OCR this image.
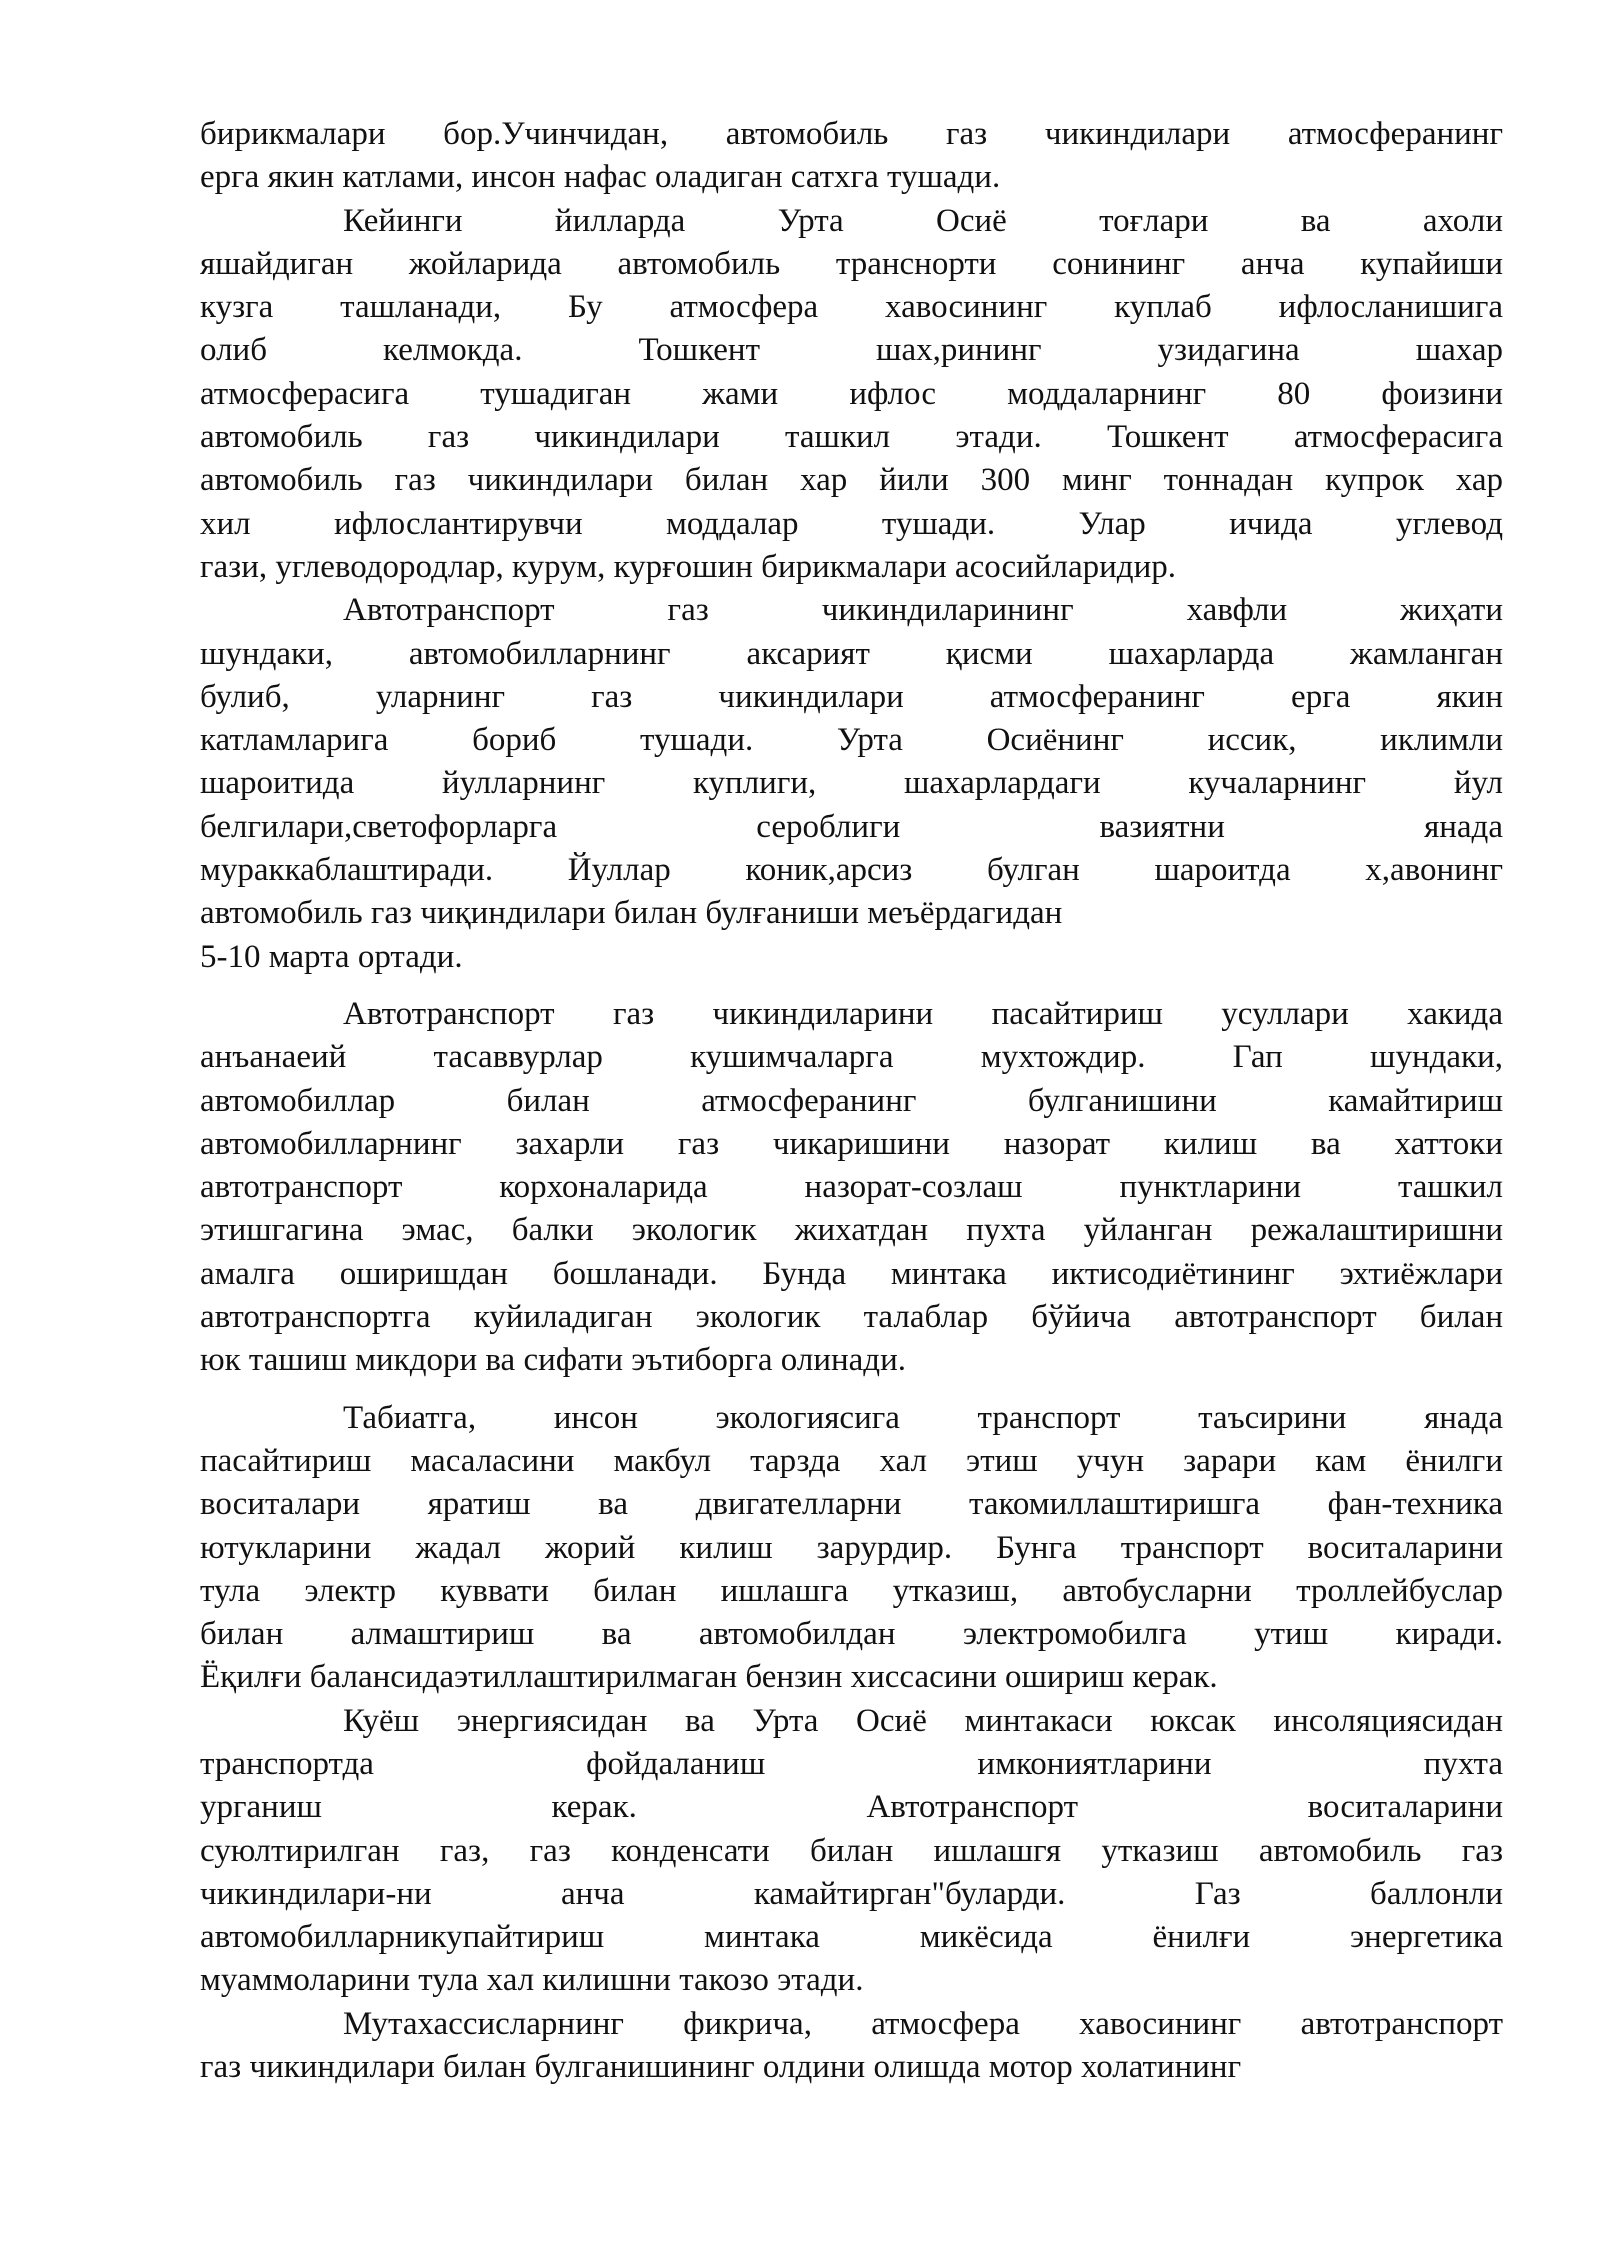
бирикмалари бор.Учинчидан, автомобиль газ чикиндилари атмосферанинг
ерга якин катлами, инсон нафас оладиган сатхга тушади.
Кейинги йилларда Урта Осиё тоғлари ва ахоли
яшайдиган жойларида автомобиль транснорти сонининг анча купайиши
кузга ташланади, Бу атмосфера хавосининг куплаб ифлосланишига
олиб келмокда. Тошкент шах,рининг узидагина шахар
атмосферасига тушадиган жами ифлос моддаларнинг 80 фоизини
автомобиль газ чикиндилари ташкил этади. Тошкент атмосферасига
автомобиль газ чикиндилари билан хар йили 300 минг тоннадан купрок хар
хил ифлослантирувчи моддалар тушади. Улар ичида углевод
гази, углеводородлар, курум, курғошин бирикмалари асосийларидир.
Автотранспорт газ чикиндиларининг хавфли жиҳати
шундаки, автомобилларнинг аксарият қисми шахарларда жамланган
булиб, уларнинг газ чикиндилари атмосферанинг ерга якин
катламларига бориб тушади. Урта Осиёнинг иссик, иклимли
шароитида йулларнинг куплиги, шахарлардаги кучаларнинг йул
белгилари,светофорларга сероблиги вазиятни янада
мураккаблаштиради. Йуллар коник,арсиз булган шароитда х,авонинг
автомобиль газ чиқиндилари билан булғаниши меъёрдагидан
5-10 марта ортади.
Автотранспорт газ чикиндиларини пасайтириш усуллари хакида
анъанаеий тасаввурлар кушимчаларга мухтождир. Гап шундаки,
автомобиллар билан атмосферанинг булганишини камайтириш
автомобилларнинг захарли газ чикаришини назорат килиш ва хаттоки
автотранспорт корхоналарида назорат-созлаш пунктларини ташкил
этишгагина эмас, балки экологик жихатдан пухта уйланган режалаштиришни
амалга оширишдан бошланади. Бунда минтака иктисодиётининг эхтиёжлари
автотранспортга куйиладиган экологик талаблар бўйича автотранспорт билан
юк ташиш микдори ва сифати эътиборга олинади.
Табиатга, инсон экологиясига транспорт таъсирини янада
пасайтириш масаласини макбул тарзда хал этиш учун зарари кам ёнилги
воситалари яратиш ва двигателларни такомиллаштиришга фан-техника
ютукларини жадал жорий килиш зарурдир. Бунга транспорт воситаларини
тула электр куввати билан ишлашга утказиш, автобусларни троллейбуслар
билан алмаштириш ва автомобилдан электромобилга утиш киради.
Ёқилғи балансидаэтиллаштирилмаган бензин хиссасини ошириш керак.
Куёш энергиясидан ва Урта Осиё минтакаси юксак инсоляциясидан
транспортда фойдаланиш имкониятларини пухта
урганиш керак. Автотранспорт воситаларини
суюлтирилган газ, газ конденсати билан ишлашгя утказиш автомобиль газ
чикиндилари-ни анча камайтирган"буларди. Газ баллонли
автомобилларникупайтириш минтака микёсида ёнилғи энергетика
муаммоларини тула хал килишни такозо этади.
Мутахассисларнинг фикрича, атмосфера хавосининг автотранспорт
газ чикиндилари билан булганишининг олдини олишда мотор холатининг
